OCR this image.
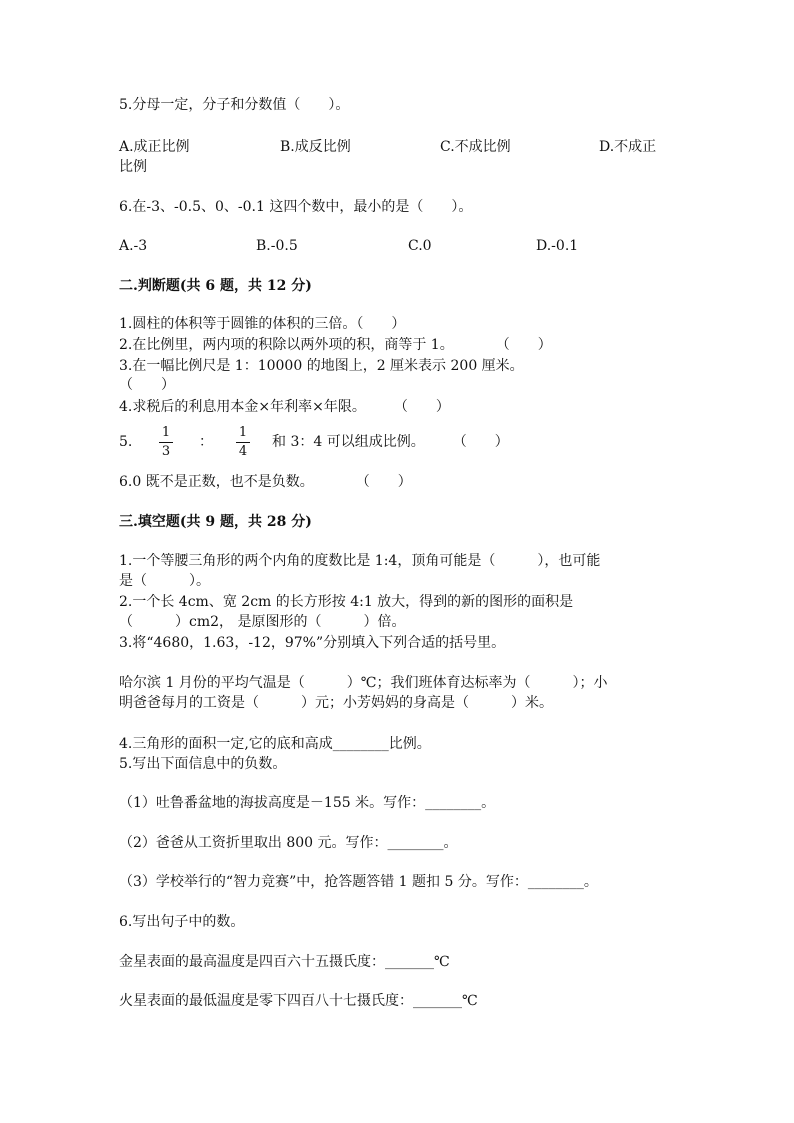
5.分母一定，分子和分数值（　　）。
A.成正比例	B.成反比例	C.不成比例	D.不成正
比例
6.在-3、-0.5、0、-0.1 这四个数中，最小的是（　　）。
A.-3	B.-0.5	C.0	D.-0.1
二.判断题(共 6 题，共 12 分)
1.圆柱的体积等于圆锥的体积的三倍。（　　）
2.在比例里，两内项的积除以两外项的积，商等于 1。　　　　（　　）
3.在一幅比例尺是 1：10000 的地图上，2 厘米表示 200 厘米。
（　　）
4.求税后的利息用本金×年利率×年限。　　　（　　）
5.
1
3
：
1
4
和 3：4 可以组成比例。　　　（　　）
6.0 既不是正数，也不是负数。　　　　（　　）
三.填空题(共 9 题，共 28 分)
1.一个等腰三角形的两个内角的度数比是 1:4，顶角可能是（　　　），也可能
是（　　　）。
2.一个长 4cm、宽 2cm 的长方形按 4:1 放大，得到的新的图形的面积是
（　　　）cm2， 是原图形的（　　　）倍。
3.将“4680，1.63，-12，97%”分别填入下列合适的括号里。
哈尔滨 1 月份的平均气温是（　　　）℃；我们班体育达标率为（　　　）；小
明爸爸每月的工资是（　　　）元；小芳妈妈的身高是（　　　）米。
4.三角形的面积一定,它的底和高成________比例。
5.写出下面信息中的负数。
（1）吐鲁番盆地的海拔高度是－155 米。写作：________。
（2）爸爸从工资折里取出 800 元。写作：________。
（3）学校举行的“智力竞赛”中，抢答题答错 1 题扣 5 分。写作：________。
6.写出句子中的数。
金星表面的最高温度是四百六十五摄氏度：_______℃
火星表面的最低温度是零下四百八十七摄氏度：_______℃
